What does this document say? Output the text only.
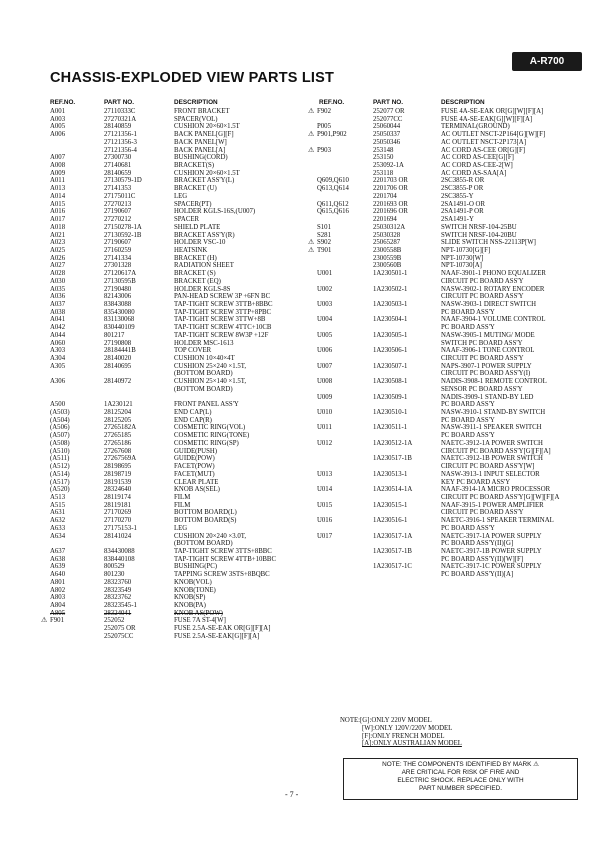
A-R700
CHASSIS-EXPLODED VIEW PARTS LIST
REF.NO.	PART NO.	DESCRIPTION	REF.NO.	PART NO.	DESCRIPTION
A001	27110333C	FRONT BRACKET
A003	27270321A	SPACER(VOL)
A005	28140859	CUSHION 20×60×1.5T
A006	27121356-1	BACK PANEL[G][F]
27121356-3	BACK PANEL[W]
27121356-4	BACK PANEL[A]
A007	27300730	BUSHING(CORD)
A008	27140681	BRACKET(S)
A009	28140659	CUSHION 20×60×1.5T
A011	27130579-1D	BRACKET ASS'Y(L)
A013	27141353	BRACKET (U)
A014	27175011C	LEG
A015	27270213	SPACER(PT)
A016	27190607	HOLDER KGLS-16S,(U007)
A017	27270212	SPACER
A018	27150278-1A	SHIELD PLATE
A021	27130592-1B	BRACKET ASS'Y(R)
A023	27190607	HOLDER VSC-10
A025	27160259	HEATSINK
A026	27141334	BRACKET (H)
A027	27301328	RADIATION SHEET
A028	27120617A	BRACKET (S)
A030	27130595B	BRACKET (EQ)
A035	27190480	HOLDER KGLS-8S
A036	82143006	PAN-HEAD SCREW 3P +6FN BC
A037	83843088	TAP-TIGHT SCREW 3TTB+8BBC
A038	835430080	TAP-TIGHT SCREW 3TTP+8PBC
A041	831130068	TAP-TIGHT SCREW 3TTW+8B
A042	830440109	TAP-TIGHT SCREW 4TTC+10CB
A044	801217	TAP-TIGHT SCREW 8W3P +12F
A060	27190808	HOLDER MSC-1613
A303	28184441B	TOP COVER
A304	28140020	CUSHION 10×40×4T
A305	28140695	CUSHION 25×240 ×1.5T,
(BOTTOM BOARD)
A306	28140972	CUSHION 25×140 ×1.5T,
(BOTTOM BOARD)
A500	1A230121	FRONT PANEL ASS'Y
(A503)	28125204	END CAP(L)
(A504)	28125205	END CAP(R)
(A506)	27265182A	COSMETIC RING(VOL)
(A507)	27265185	COSMETIC RING(TONE)
(A508)	27265186	COSMETIC RING(SP)
(A510)	27267608	GUIDE(PUSH)
(A511)	27267569A	GUIDE(POW)
(A512)	28198695	FACET(POW)
(A514)	28198719	FACET(MUT)
(A517)	28191539	CLEAR PLATE
(A520)	28324640	KNOB AS(SEL)
A513	28119174	FILM
A515	28119181	FILM
A631	27170269	BOTTOM BOARD(L)
A632	27170270	BOTTOM BOARD(S)
A633	27175153-1	LEG
A634	28141024	CUSHION 20×240 ×3.0T,
(BOTTOM BOARD)
A637	834430088	TAP-TIGHT SCREW 3TTS+8BBC
A638	838440108	TAP-TIGHT SCREW 4TTB+10BBC
A639	800529	BUSHING(PC)
A640	801230	TAPPING SCREW 3STS+8BQBC
A801	28323760	KNOB(VOL)
A802	28323549	KNOB(TONE)
A803	28323762	KNOB(SP)
A804	28323545-1	KNOB(PA)
A805	28324041	KNOB AS(POW)
⚠ F901	252052	FUSE 7A ST-4[W]
252075 OR	FUSE 2.5A-SE-EAK OR[G][F][A]
252075CC	FUSE 2.5A-SE-EAK[G][F][A]
⚠ F902	252077 OR	FUSE 4A-SE-EAK OR[G][W][F][A]
252077CC	FUSE 4A-SE-EAK[G][W][F][A]
P005	25060044	TERMINAL(GROUND)
⚠ P901,P902	25050337	AC OUTLET NSCT-2P164[G][W][F]
25050346	AC OUTLET NSCT-2P173[A]
⚠ P903	253148	AC CORD AS-CEE OR[G][F]
253150	AC CORD AS-CEE[G][F]
253092-1A	AC CORD AS-CEE-2[W]
253118	AC CORD AS-SAA[A]
Q609,Q610	2201703 OR	2SC3855-R OR
Q613,Q614	2201706 OR	2SC3855-P OR
2201704	2SC3855-Y
Q611,Q612	2201693 OR	2SA1491-O OR
Q615,Q616	2201696 OR	2SA1491-P OR
2201694	2SA1491-Y
S101	25030312A	SWITCH NRSF-104-25BU
S281	25030328	SWITCH NRSF-104-20BU
⚠ S902	25065287	SLIDE SWITCH NSS-22113P[W]
⚠ T901	2300558B	NPT-10730[G][F]
2300559B	NPT-10730[W]
2300560B	NPT-10730[A]
U001	1A230501-1	NAAF-3901-1 PHONO EQUALIZER
CIRCUIT PC BOARD ASS'Y
U002	1A230502-1	NASW-3902-1 ROTARY ENCODER
CIRCUIT PC BOARD ASS'Y
U003	1A230503-1	NASW-3903-1 DIRECT SWITCH
PC BOARD ASS'Y
U004	1A230504-1	NAAF-3904-1 VOLUME CONTROL
PC BOARD ASS'Y
U005	1A230505-1	NASW-3905-1 MUTING/ MODE
SWITCH PC BOARD ASS'Y
U006	1A230506-1	NAAF-3906-1 TONE CONTROL
CIRCUIT PC BOARD ASS'Y
U007	1A230507-1	NAPS-3907-1 POWER SUPPLY
CIRCUIT PC BOARD ASS'Y(I)
U008	1A230508-1	NADIS-3908-1 REMOTE CONTROL
SENSOR PC BOARD ASS'Y
U009	1A230509-1	NADIS-3909-1 STAND-BY LED
PC BOARD ASS'Y
U010	1A230510-1	NASW-3910-1 STAND-BY SWITCH
PC BOARD ASS'Y
U011	1A230511-1	NASW-3911-1 SPEAKER SWITCH
PC BOARD ASS'Y
U012	1A230512-1A	NAETC-3912-1A POWER SWITCH
CIRCUIT PC BOARD ASS'Y[G][F][A]
1A230517-1B	NAETC-3912-1B POWER SWITCH
CIRCUIT PC BOARD ASS'Y[W]
U013	1A230513-1	NASW-3913-1 INPUT SELECTOR
KEY PC BOARD ASS'Y
U014	1A230514-1A	NAAF-3914-1A MICRO PROCESSOR
CIRCUIT PC BOARD ASS'Y[G][W][F][A
U015	1A230515-1	NAAF-3915-1 POWER AMPLIFIER
CIRCUIT PC BOARD ASS'Y
U016	1A230516-1	NAETC-3916-1 SPEAKER TERMINAL
PC BOARD ASS'Y
U017	1A230517-1A	NAETC-3917-1A POWER SUPPLY
PC BOARD ASS'Y(II)[G]
1A230517-1B	NAETC-3917-1B POWER SUPPLY
PC BOARD ASS'Y(II)[W][F]
1A230517-1C	NAETC-3917-1C POWER SUPPLY
PC BOARD ASS'Y(II)[A]
NOTE:[G]:ONLY 220V MODEL
[W]:ONLY 120V/220V MODEL
[F]:ONLY FRENCH MODEL
[A]:ONLY AUSTRALIAN MODEL
NOTE: THE COMPONENTS IDENTIFIED BY MARK ⚠
ARE CRITICAL FOR RISK OF FIRE AND
ELECTRIC SHOCK. REPLACE ONLY WITH
PART NUMBER SPECIFIED.
- 7 -
